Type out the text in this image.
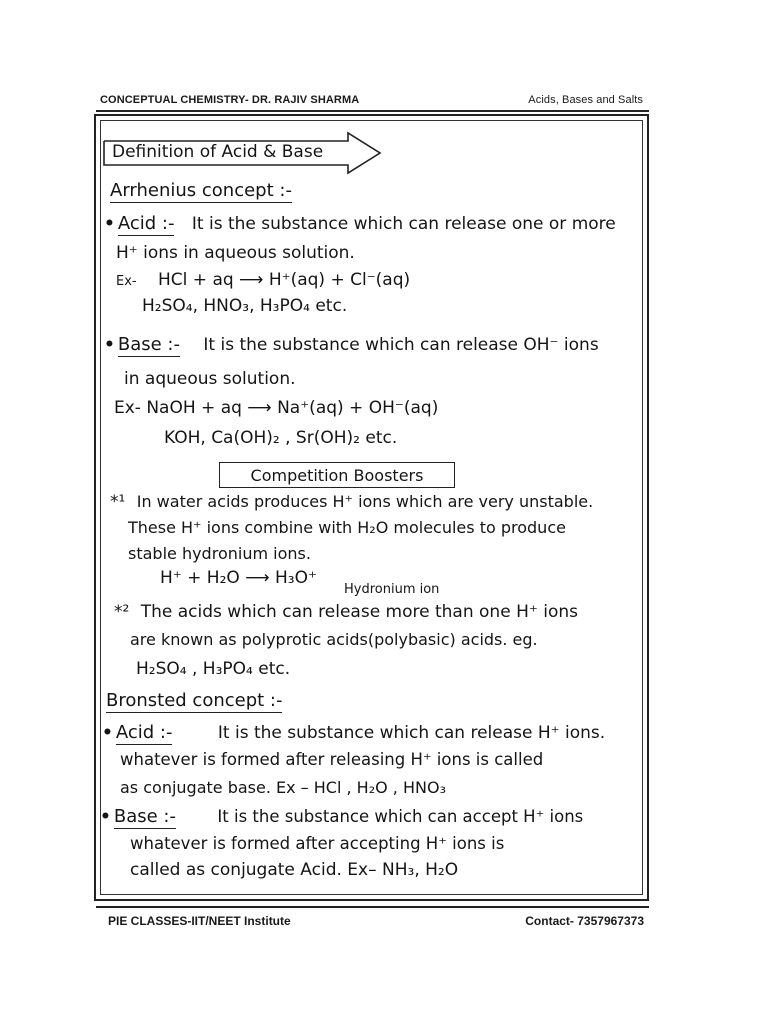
CONCEPTUAL CHEMISTRY- DR. RAJIV SHARMA	Acids, Bases and Salts
Definition of Acid & Base
Arrhenius concept :-
• Acid :- It is the substance which can release one or more
H⁺ ions in aqueous solution.
Ex- HCl + aq ⟶ H⁺(aq) + Cl⁻(aq)
H₂SO₄, HNO₃, H₃PO₄ etc.
• Base :- It is the substance which can release OH⁻ ions
in aqueous solution.
Ex- NaOH + aq ⟶ Na⁺(aq) + OH⁻(aq)
KOH, Ca(OH)₂ , Sr(OH)₂ etc.
Competition Boosters
*¹ In water acids produces H⁺ ions which are very unstable.
These H⁺ ions combine with H₂O molecules to produce
stable hydronium ions.
H⁺ + H₂O ⟶ H₃O⁺
Hydronium ion
*² The acids which can release more than one H⁺ ions
are known as polyprotic acids(polybasic) acids. eg.
H₂SO₄ , H₃PO₄ etc.
Bronsted concept :-
• Acid :-	It is the substance which can release H⁺ ions.
whatever is formed after releasing H⁺ ions is called
as conjugate base. Ex – HCl , H₂O , HNO₃
• Base :-	It is the substance which can accept H⁺ ions
whatever is formed after accepting H⁺ ions is
called as conjugate Acid. Ex– NH₃, H₂O
PIE CLASSES-IIT/NEET Institute	Contact- 7357967373
